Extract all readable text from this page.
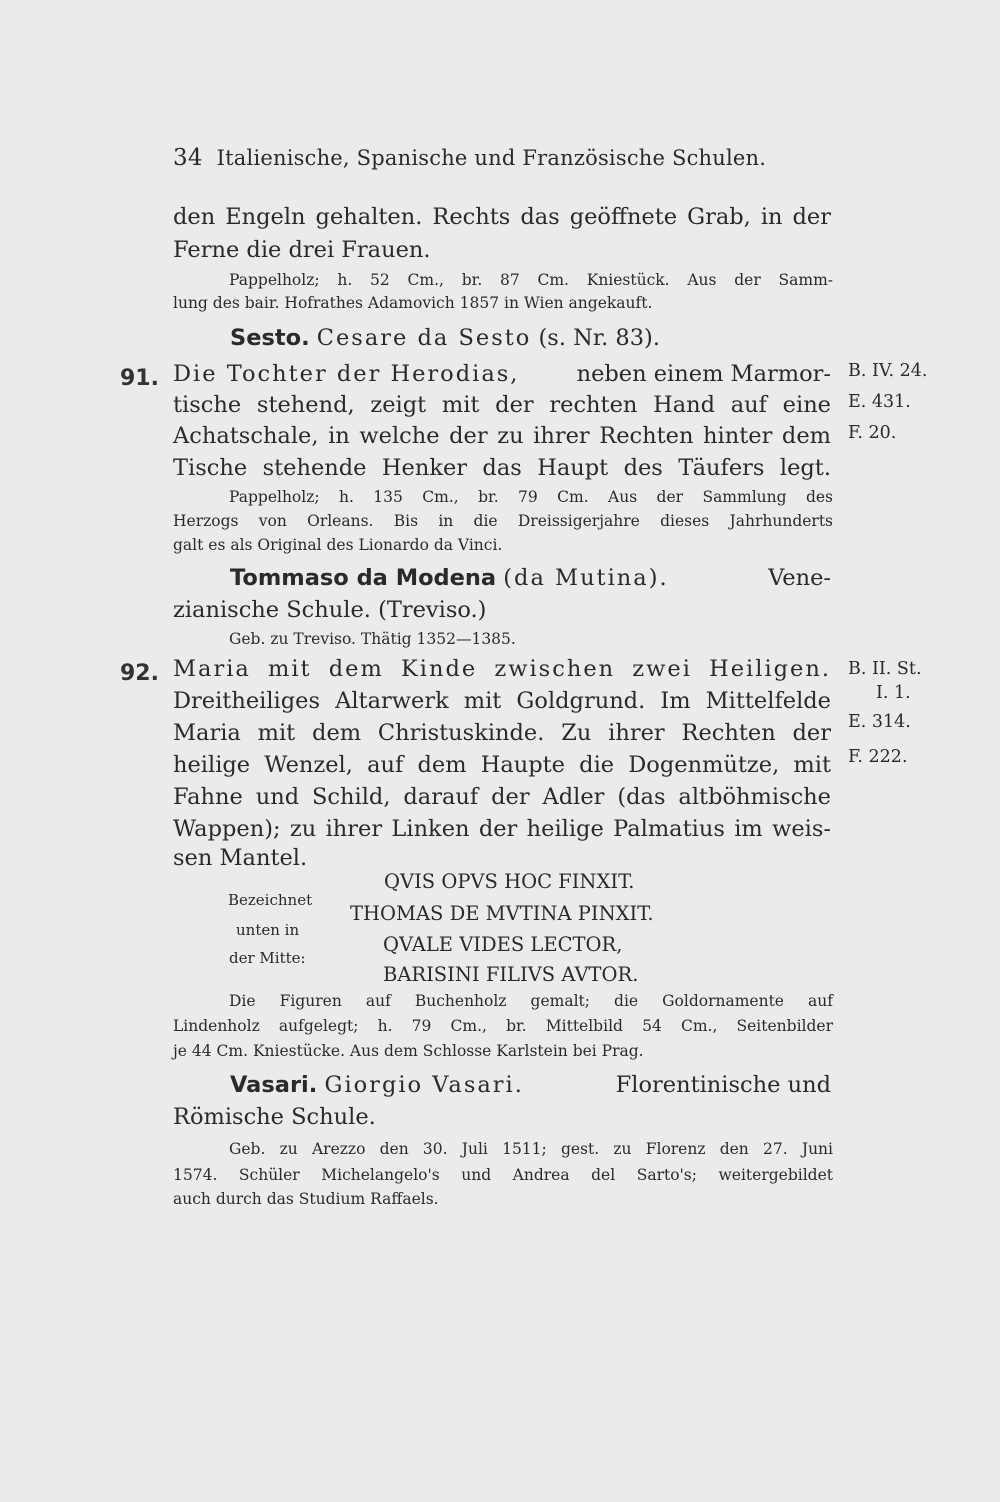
34 Italienische, Spanische und Französische Schulen.
den Engeln gehalten. Rechts das geöffnete Grab, in der
Ferne die drei Frauen.
Pappelholz; h. 52 Cm., br. 87 Cm. Kniestück. Aus der Samm-
lung des bair. Hofrathes Adamovich 1857 in Wien angekauft.
Sesto. Cesare da Sesto (s. Nr. 83).
91. Die Tochter der Herodias,	neben einem Marmor-
tische stehend, zeigt mit der rechten Hand auf eine
Achatschale, in welche der zu ihrer Rechten hinter dem
Tische stehende Henker das Haupt des Täufers legt.
B. IV. 24.
E. 431.
F. 20.
Pappelholz; h. 135 Cm., br. 79 Cm. Aus der Sammlung des
Herzogs von Orleans. Bis in die Dreissigerjahre dieses Jahrhunderts
galt es als Original des Lionardo da Vinci.
Tommaso da Modena (da Mutina).	Vene-
zianische Schule. (Treviso.)
Geb. zu Treviso. Thätig 1352—1385.
92. Maria mit dem Kinde zwischen zwei Heiligen.
Dreitheiliges Altarwerk mit Goldgrund. Im Mittelfelde
Maria mit dem Christuskinde. Zu ihrer Rechten der
heilige Wenzel, auf dem Haupte die Dogenmütze, mit
Fahne und Schild, darauf der Adler (das altböhmische
Wappen); zu ihrer Linken der heilige Palmatius im weis-
sen Mantel.
B. II. St.
I. 1.
E. 314.
F. 222.
Bezeichnet
unten in
der Mitte:
QVIS OPVS HOC FINXIT.
THOMAS DE MVTINA PINXIT.
QVALE VIDES LECTOR,
BARISINI FILIVS AVTOR.
Die Figuren auf Buchenholz gemalt; die Goldornamente auf
Lindenholz aufgelegt; h. 79 Cm., br. Mittelbild 54 Cm., Seitenbilder
je 44 Cm. Kniestücke. Aus dem Schlosse Karlstein bei Prag.
Vasari. Giorgio Vasari.	Florentinische und
Römische Schule.
Geb. zu Arezzo den 30. Juli 1511; gest. zu Florenz den 27. Juni
1574. Schüler Michelangelo's und Andrea del Sarto's; weitergebildet
auch durch das Studium Raffaels.
